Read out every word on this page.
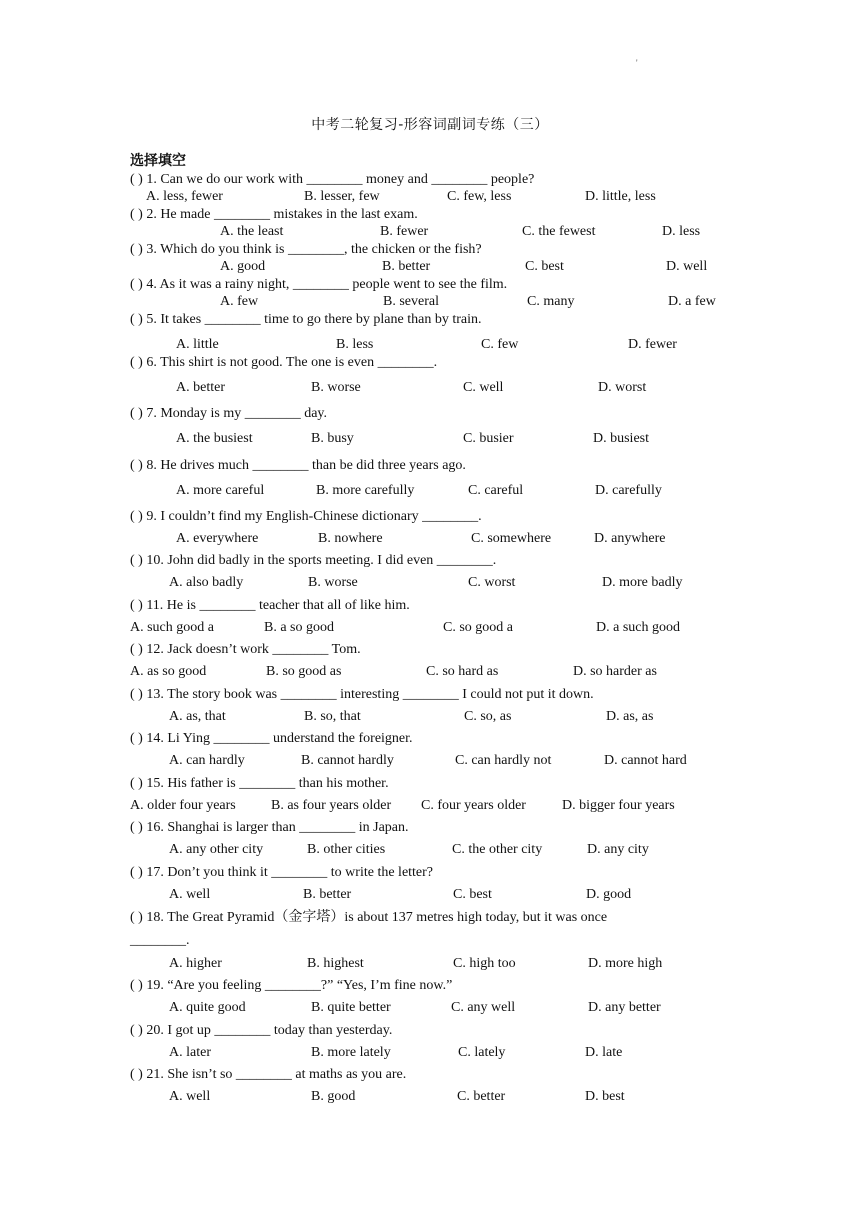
'
中考二轮复习-形容词副词专练（三）
选择填空
( ) 1. Can we do our work with ________ money and ________ people?
A. less, fewer	B. lesser, few	C. few, less	D. little, less
( ) 2. He made ________ mistakes in the last exam.
A. the least	B. fewer	C. the fewest	D. less
( ) 3. Which do you think is ________, the chicken or the fish?
A. good	B. better	C. best	D. well
( ) 4. As it was a rainy night, ________ people went to see the film.
A. few	B. several	C. many	D. a few
( ) 5. It takes ________ time to go there by plane than by train.
A. little	B. less	C. few	D. fewer
( ) 6. This shirt is not good. The one is even ________.
A. better	B. worse	C. well	D. worst
( ) 7. Monday is my ________ day.
A. the busiest	B. busy	C. busier	D. busiest
( ) 8. He drives much ________ than be did three years ago.
A. more careful	B. more carefully	C. careful	D. carefully
( ) 9. I couldn’t find my English-Chinese dictionary ________.
A. everywhere	B. nowhere	C. somewhere	D. anywhere
( ) 10. John did badly in the sports meeting. I did even ________.
A. also badly	B. worse	C. worst	D. more badly
( ) 11. He is ________ teacher that all of like him.
A. such good a	B. a so good	C. so good a	D. a such good
( ) 12. Jack doesn’t work ________ Tom.
A. as so good	B. so good as	C. so hard as	D. so harder as
( ) 13. The story book was ________ interesting ________ I could not put it down.
A. as, that	B. so, that	C. so, as	D. as, as
( ) 14. Li Ying ________ understand the foreigner.
A. can hardly	B. cannot hardly	C. can hardly not	D. cannot hard
( ) 15. His father is ________ than his mother.
A. older four years	B. as four years older C. four years older	D. bigger four years
( ) 16. Shanghai is larger than ________ in Japan.
A. any other city	B. other cities	C. the other city	D. any city
( ) 17. Don’t you think it ________ to write the letter?
A. well	B. better	C. best	D. good
( ) 18. The Great Pyramid（金字塔）is about 137 metres high today, but it was once
________.
A. higher	B. highest	C. high too	D. more high
( ) 19. “Are you feeling ________?” “Yes, I’m fine now.”
A. quite good	B. quite better	C. any well	D. any better
( ) 20. I got up ________ today than yesterday.
A. later	B. more lately	C. lately	D. late
( ) 21. She isn’t so ________ at maths as you are.
A. well	B. good	C. better	D. best
